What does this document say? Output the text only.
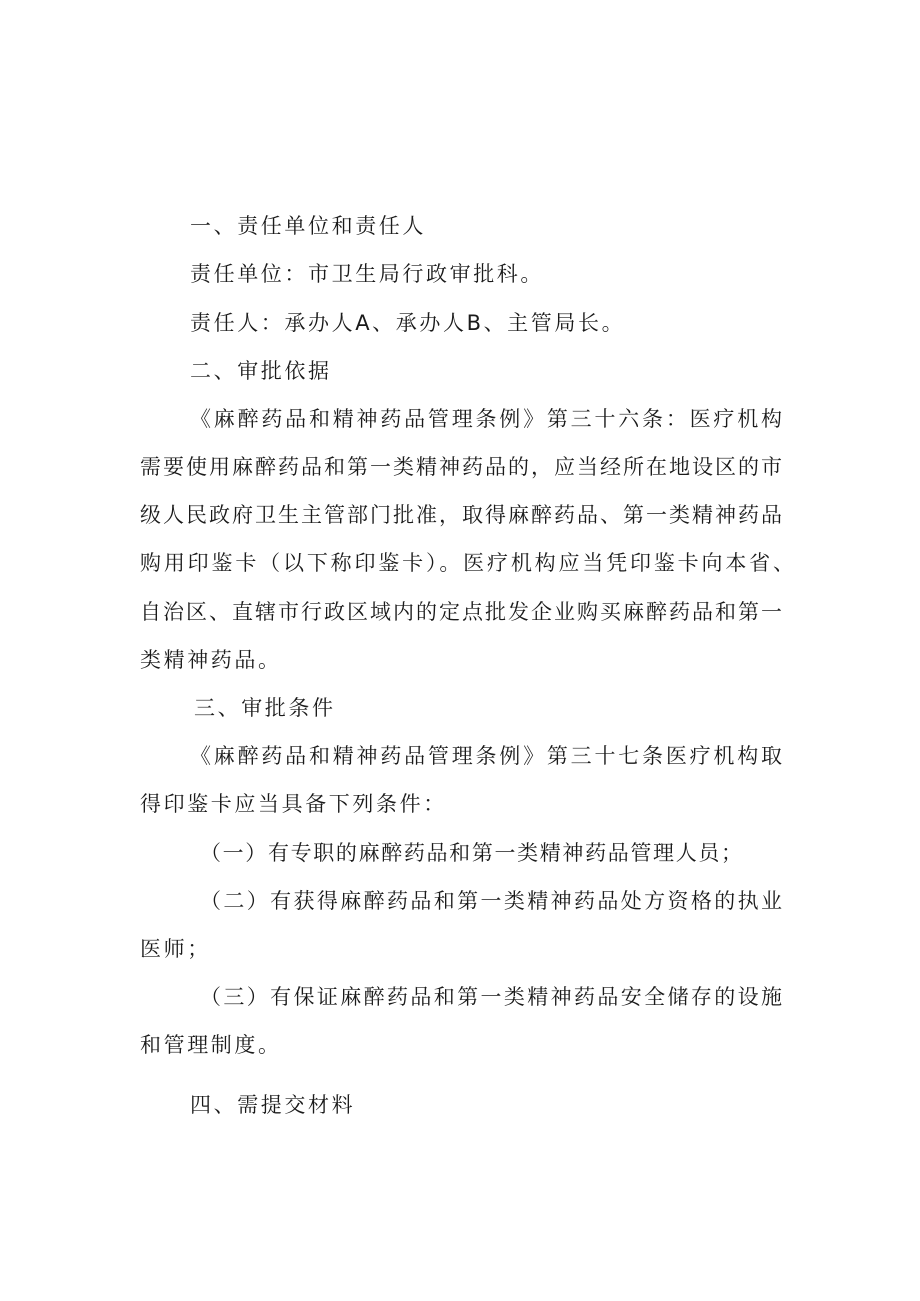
一、责任单位和责任人
责任单位：市卫生局行政审批科。
责任人：承办人A、承办人B、主管局长。
二、审批依据
《麻醉药品和精神药品管理条例》第三十六条：医疗机构
需要使用麻醉药品和第一类精神药品的，应当经所在地设区的市
级人民政府卫生主管部门批准，取得麻醉药品、第一类精神药品
购用印鉴卡（以下称印鉴卡）。医疗机构应当凭印鉴卡向本省、
自治区、直辖市行政区域内的定点批发企业购买麻醉药品和第一
类精神药品。
三、审批条件
《麻醉药品和精神药品管理条例》第三十七条医疗机构取
得印鉴卡应当具备下列条件：
（一）有专职的麻醉药品和第一类精神药品管理人员；
（二）有获得麻醉药品和第一类精神药品处方资格的执业
医师；
（三）有保证麻醉药品和第一类精神药品安全储存的设施
和管理制度。
四、需提交材料
